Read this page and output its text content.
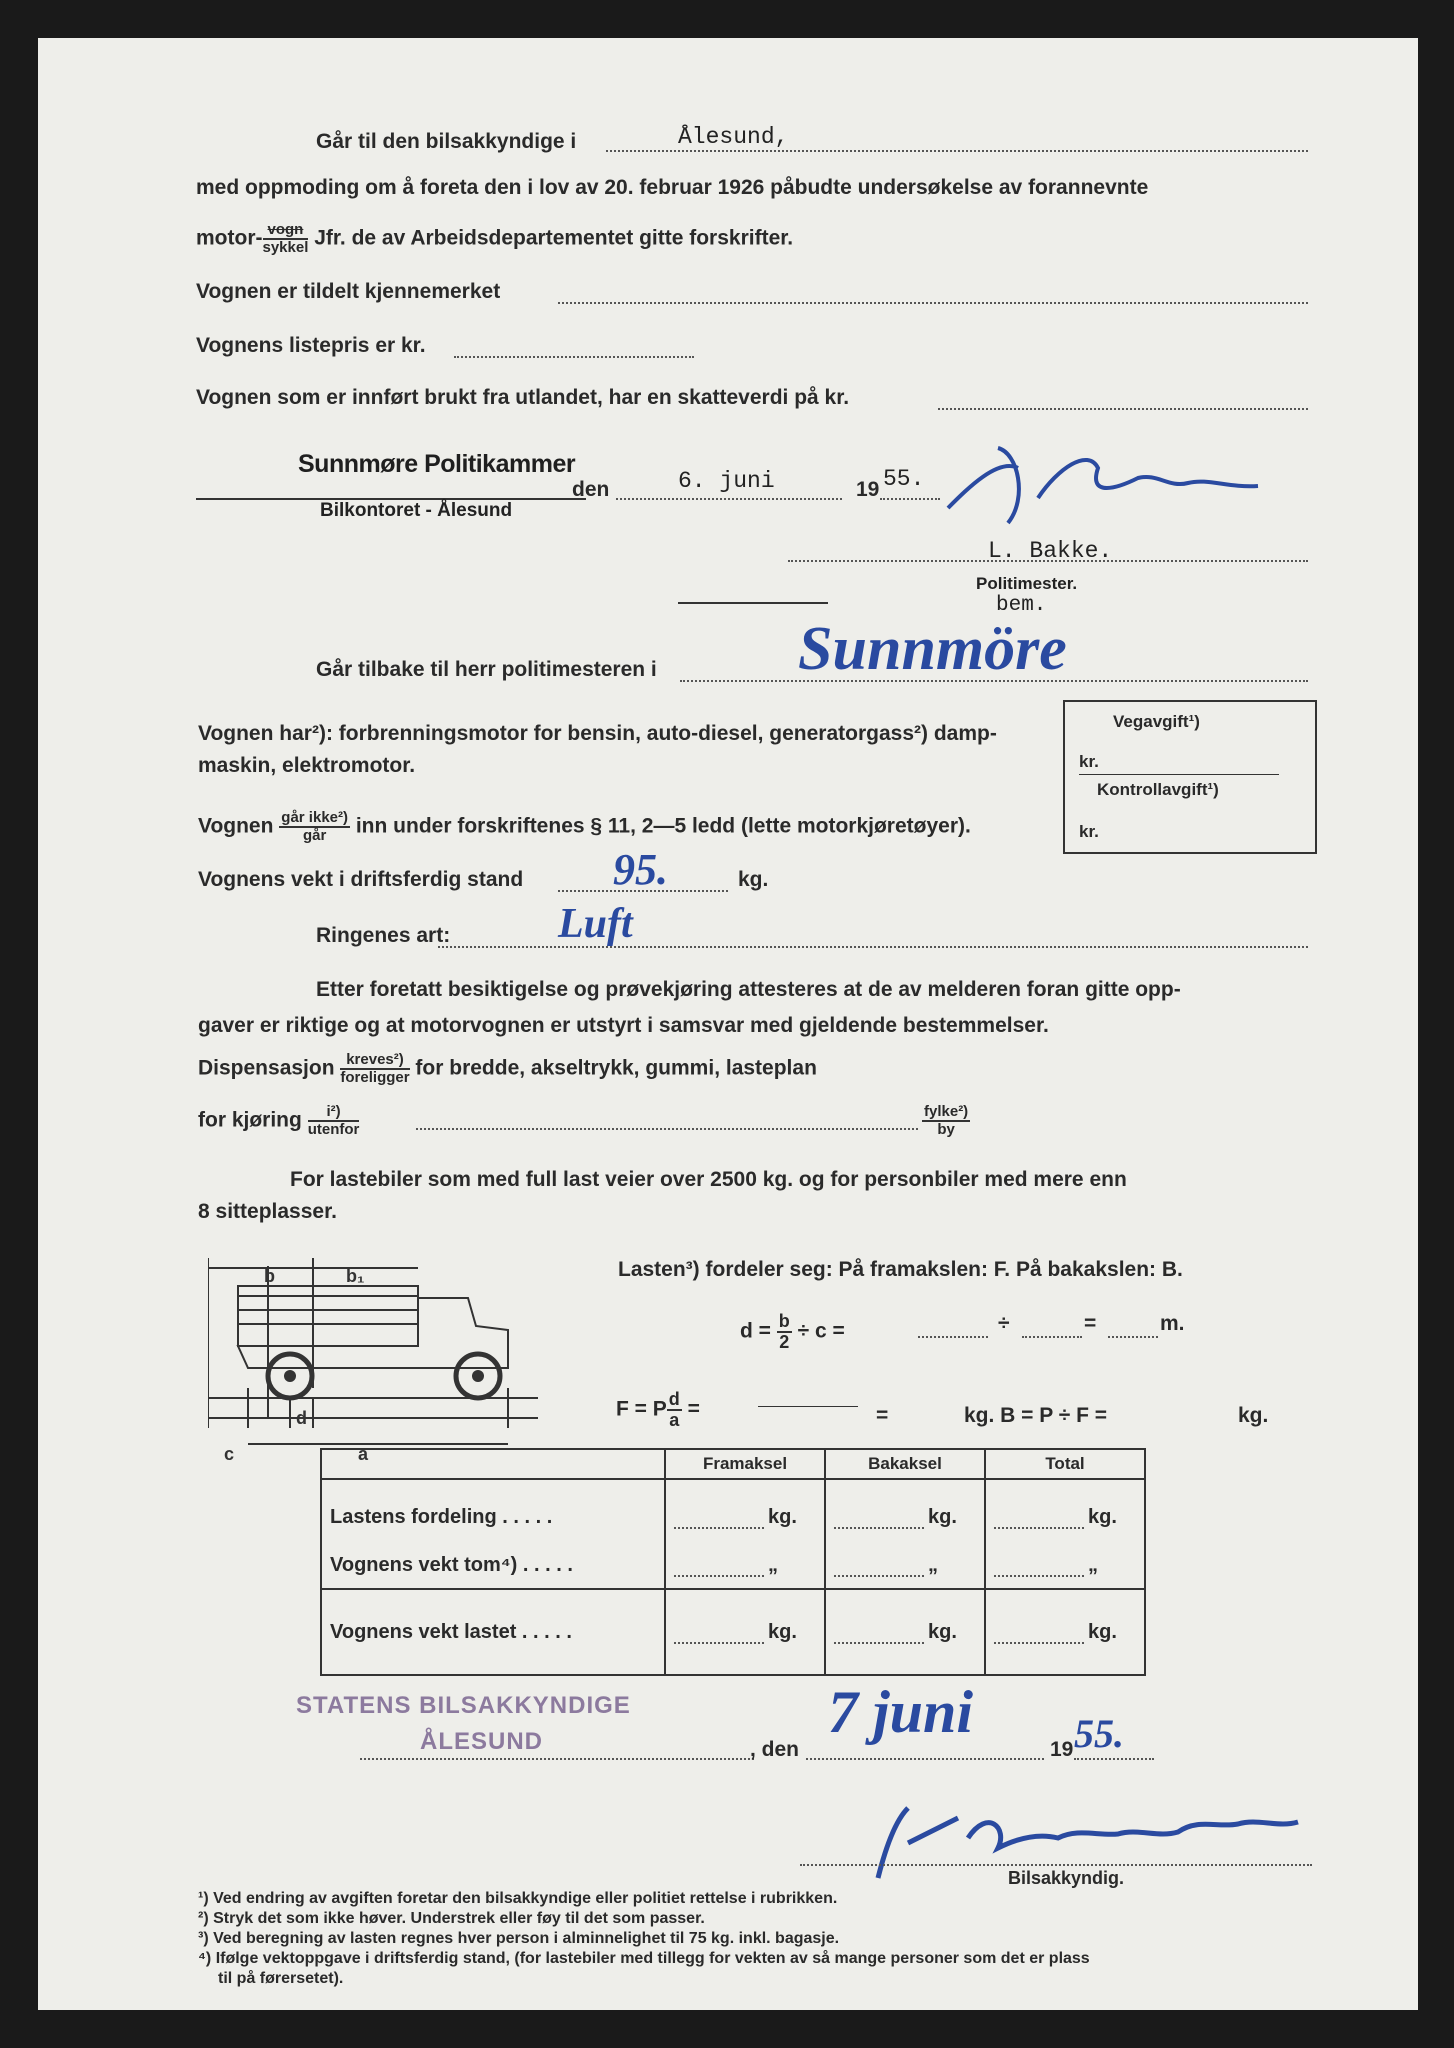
Går til den bilsakkyndige i	Ålesund,
med oppmoding om å foreta den i lov av 20. februar 1926 påbudte undersøkelse av forannevnte
motor- $\frac{\text{vogn}}{\text{sykkel}}$ Jfr. de av Arbeidsdepartementet gitte forskrifter.
Vognen er tildelt kjennemerket
Vognens listepris er kr.
Vognen som er innført brukt fra utlandet, har en skatteverdi på kr.
Sunnmøre Politikammer
Bilkontoret - Ålesund
den	6. juni	19 55.
L. Bakke.
Politimester.
bem.
Går tilbake til herr politimesteren i Sunnmöre
Vognen har²): forbrenningsmotor for bensin, auto-diesel, generatorgass²) damp-
maskin, elektromotor.
Vognen $\frac{\text{går ikke²)}}{\text{går}}$ inn under forskriftenes § 11, 2—5 ledd (lette motorkjøretøyer).
Vognens vekt i driftsferdig stand 95.	kg.
Ringenes art:	Luft
Vegavgift¹)
kr.
Kontrollavgift¹)
kr.
Etter foretatt besiktigelse og prøvekjøring attesteres at de av melderen foran gitte opp-
gaver er riktige og at motorvognen er utstyrt i samsvar med gjeldende bestemmelser.
Dispensasjon $\frac{\text{kreves²)}}{\text{foreligger}}$ for bredde, akseltrykk, gummi, lasteplan
for kjøring $\frac{\text{i²)}}{\text{utenfor}}$	$\frac{\text{fylke²)}}{by}$
For lastebiler som med full last veier over 2500 kg. og for personbiler med mere enn
8 sitteplasser.
b	b₁
a
c
d
Lasten³) fordeler seg: På framakslen: F. På bakakslen: B.
$d = \frac{b}{2} \div c$ =	÷	=	m.
F = P $\frac{d}{a}$ =	=	kg. B = P ÷ F =	kg.
	Framaksel	Bakaksel	Total
Lastens fordeling . . . . .	kg.	kg.	kg.
Vognens vekt tom⁴) . . . . .	„	„	„
Vognens vekt lastet . . . . .	kg.	kg.	kg.
STATENS BILSAKKYNDIGE
ÅLESUND	, den
7 juni
19 55.
Bilsakkyndig.
¹) Ved endring av avgiften foretar den bilsakkyndige eller politiet rettelse i rubrikken.
²) Stryk det som ikke høver. Understrek eller føy til det som passer.
³) Ved beregning av lasten regnes hver person i alminnelighet til 75 kg. inkl. bagasje.
⁴) Ifølge vektoppgave i driftsferdig stand, (for lastebiler med tillegg for vekten av så mange personer som det er plass
til på førersetet).
